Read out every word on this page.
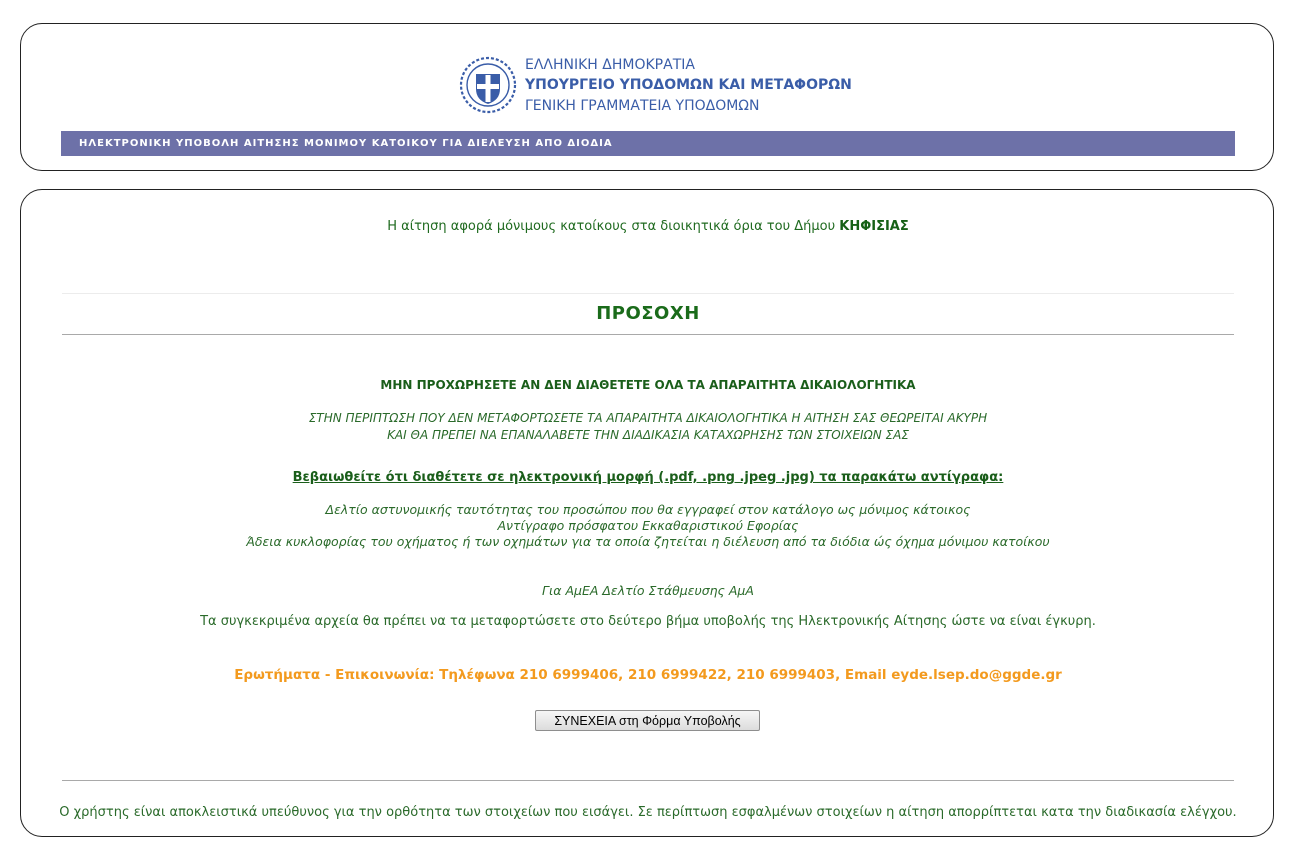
ΕΛΛΗΝΙΚΗ ΔΗΜΟΚΡΑΤΙΑ
ΥΠΟΥΡΓΕΙΟ ΥΠΟΔΟΜΩΝ ΚΑΙ ΜΕΤΑΦΟΡΩΝ
ΓΕΝΙΚΗ ΓΡΑΜΜΑΤΕΙΑ ΥΠΟΔΟΜΩΝ
ΗΛΕΚΤΡΟΝΙΚΗ ΥΠΟΒΟΛΗ ΑΙΤΗΣΗΣ ΜΟΝΙΜΟΥ ΚΑΤΟΙΚΟΥ ΓΙΑ ΔΙΕΛΕΥΣΗ ΑΠΟ ΔΙΟΔΙΑ
Η αίτηση αφορά μόνιμους κατοίκους στα διοικητικά όρια του Δήμου ΚΗΦΙΣΙΑΣ
ΠΡΟΣΟΧΗ
ΜΗΝ ΠΡΟΧΩΡΗΣΕΤΕ ΑΝ ΔΕΝ ΔΙΑΘΕΤΕΤΕ ΟΛΑ ΤΑ ΑΠΑΡΑΙΤΗΤΑ ΔΙΚΑΙΟΛΟΓΗΤΙΚΑ
ΣΤΗΝ ΠΕΡΙΠΤΩΣΗ ΠΟΥ ΔΕΝ ΜΕΤΑΦΟΡΤΩΣΕΤΕ ΤΑ ΑΠΑΡΑΙΤΗΤΑ ΔΙΚΑΙΟΛΟΓΗΤΙΚΑ Η ΑΙΤΗΣΗ ΣΑΣ ΘΕΩΡΕΙΤΑΙ ΑΚΥΡΗ
ΚΑΙ ΘΑ ΠΡΕΠΕΙ ΝΑ ΕΠΑΝΑΛΑΒΕΤΕ ΤΗΝ ΔΙΑΔΙΚΑΣΙΑ ΚΑΤΑΧΩΡΗΣΗΣ ΤΩΝ ΣΤΟΙΧΕΙΩΝ ΣΑΣ
Βεβαιωθείτε ότι διαθέτετε σε ηλεκτρονική μορφή (.pdf, .png .jpeg .jpg) τα παρακάτω αντίγραφα:
Δελτίο αστυνομικής ταυτότητας του προσώπου που θα εγγραφεί στον κατάλογο ως μόνιμος κάτοικος
Αντίγραφο πρόσφατου Εκκαθαριστικού Εφορίας
Άδεια κυκλοφορίας του οχήματος ή των οχημάτων για τα οποία ζητείται η διέλευση από τα διόδια ώς όχημα μόνιμου κατοίκου
Για ΑμΕΑ Δελτίο Στάθμευσης ΑμΑ
Τα συγκεκριμένα αρχεία θα πρέπει να τα μεταφορτώσετε στο δεύτερο βήμα υποβολής της Ηλεκτρονικής Αίτησης ώστε να είναι έγκυρη.
Ερωτήματα - Επικοινωνία: Τηλέφωνα 210 6999406, 210 6999422, 210 6999403, Email eyde.lsep.do@ggde.gr
ΣΥΝΕΧΕΙΑ στη Φόρμα Υποβολής
Ο χρήστης είναι αποκλειστικά υπεύθυνος για την ορθότητα των στοιχείων που εισάγει. Σε περίπτωση εσφαλμένων στοιχείων η αίτηση απορρίπτεται κατα την διαδικασία ελέγχου.
